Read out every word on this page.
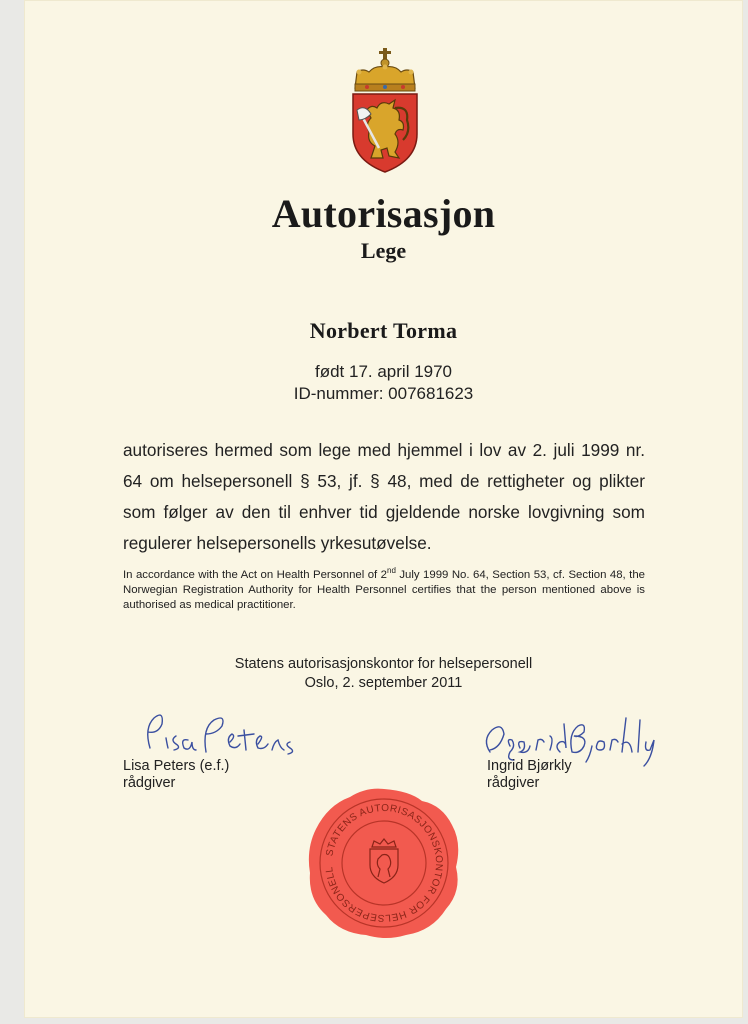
Autorisasjon
Lege
Norbert Torma
født 17. april 1970
ID-nummer: 007681623
autoriseres hermed som lege med hjemmel i lov av 2. juli 1999 nr. 64 om helsepersonell § 53, jf. § 48, med de rettigheter og plikter som følger av den til enhver tid gjeldende norske lovgivning som regulerer helsepersonells yrkesutøvelse.
In accordance with the Act on Health Personnel of 2nd July 1999 No. 64, Section 53, cf. Section 48, the Norwegian Registration Authority for Health Personnel certifies that the person mentioned above is authorised as medical practitioner.
Statens autorisasjonskontor for helsepersonell
Oslo, 2. september 2011
Lisa Peters (e.f.)
rådgiver
Ingrid Bjørkly
rådgiver
STATENS AUTORISASJONSKONTOR FOR HELSEPERSONELL
